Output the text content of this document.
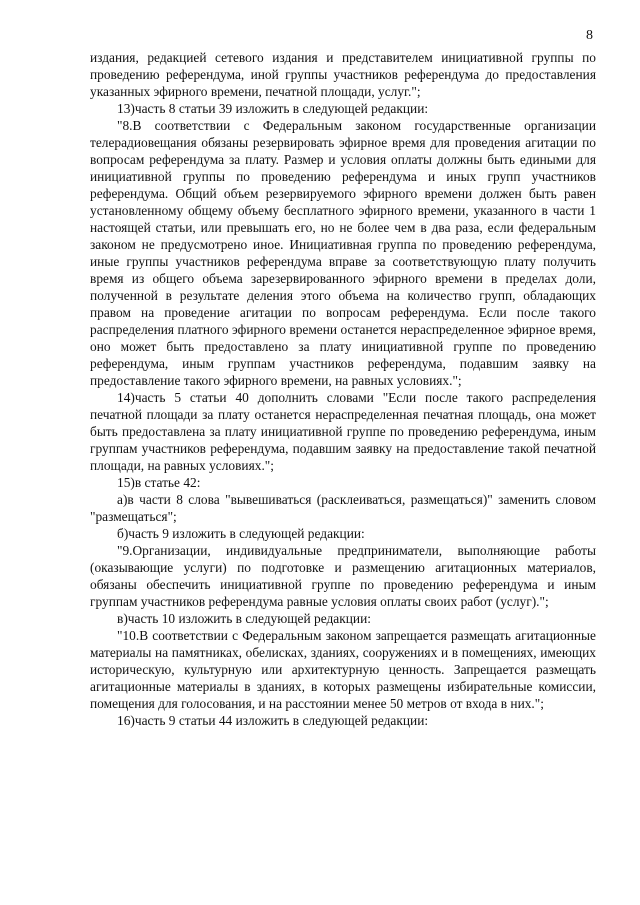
8

издания, редакцией сетевого издания и представителем инициативной группы по проведению референдума, иной группы участников референдума до предоставления указанных эфирного времени, печатной площади, услуг.";

13)часть 8 статьи 39 изложить в следующей редакции:

"8.В соответствии с Федеральным законом государственные организации телерадиовещания обязаны резервировать эфирное время для проведения агитации по вопросам референдума за плату. Размер и условия оплаты должны быть едиными для инициативной группы по проведению референдума и иных групп участников референдума. Общий объем резервируемого эфирного времени должен быть равен установленному общему объему бесплатного эфирного времени, указанного в части 1 настоящей статьи, или превышать его, но не более чем в два раза, если федеральным законом не предусмотрено иное. Инициативная группа по проведению референдума, иные группы участников референдума вправе за соответствующую плату получить время из общего объема зарезервированного эфирного времени в пределах доли, полученной в результате деления этого объема на количество групп, обладающих правом на проведение агитации по вопросам референдума. Если после такого распределения платного эфирного времени останется нераспределенное эфирное время, оно может быть предоставлено за плату инициативной группе по проведению референдума, иным группам участников референдума, подавшим заявку на предоставление такого эфирного времени, на равных условиях.";

14)часть 5 статьи 40 дополнить словами "Если после такого распределения печатной площади за плату останется нераспределенная печатная площадь, она может быть предоставлена за плату инициативной группе по проведению референдума, иным группам участников референдума, подавшим заявку на предоставление такой печатной площади, на равных условиях.";

15)в статье 42:

а)в части 8 слова "вывешиваться (расклеиваться, размещаться)" заменить словом "размещаться";

б)часть 9 изложить в следующей редакции:

"9.Организации, индивидуальные предприниматели, выполняющие работы (оказывающие услуги) по подготовке и размещению агитационных материалов, обязаны обеспечить инициативной группе по проведению референдума и иным группам участников референдума равные условия оплаты своих работ (услуг).";

в)часть 10 изложить в следующей редакции:

"10.В соответствии с Федеральным законом запрещается размещать агитационные материалы на памятниках, обелисках, зданиях, сооружениях и в помещениях, имеющих историческую, культурную или архитектурную ценность. Запрещается размещать агитационные материалы в зданиях, в которых размещены избирательные комиссии, помещения для голосования, и на расстоянии менее 50 метров от входа в них.";

16)часть 9 статьи 44 изложить в следующей редакции:
